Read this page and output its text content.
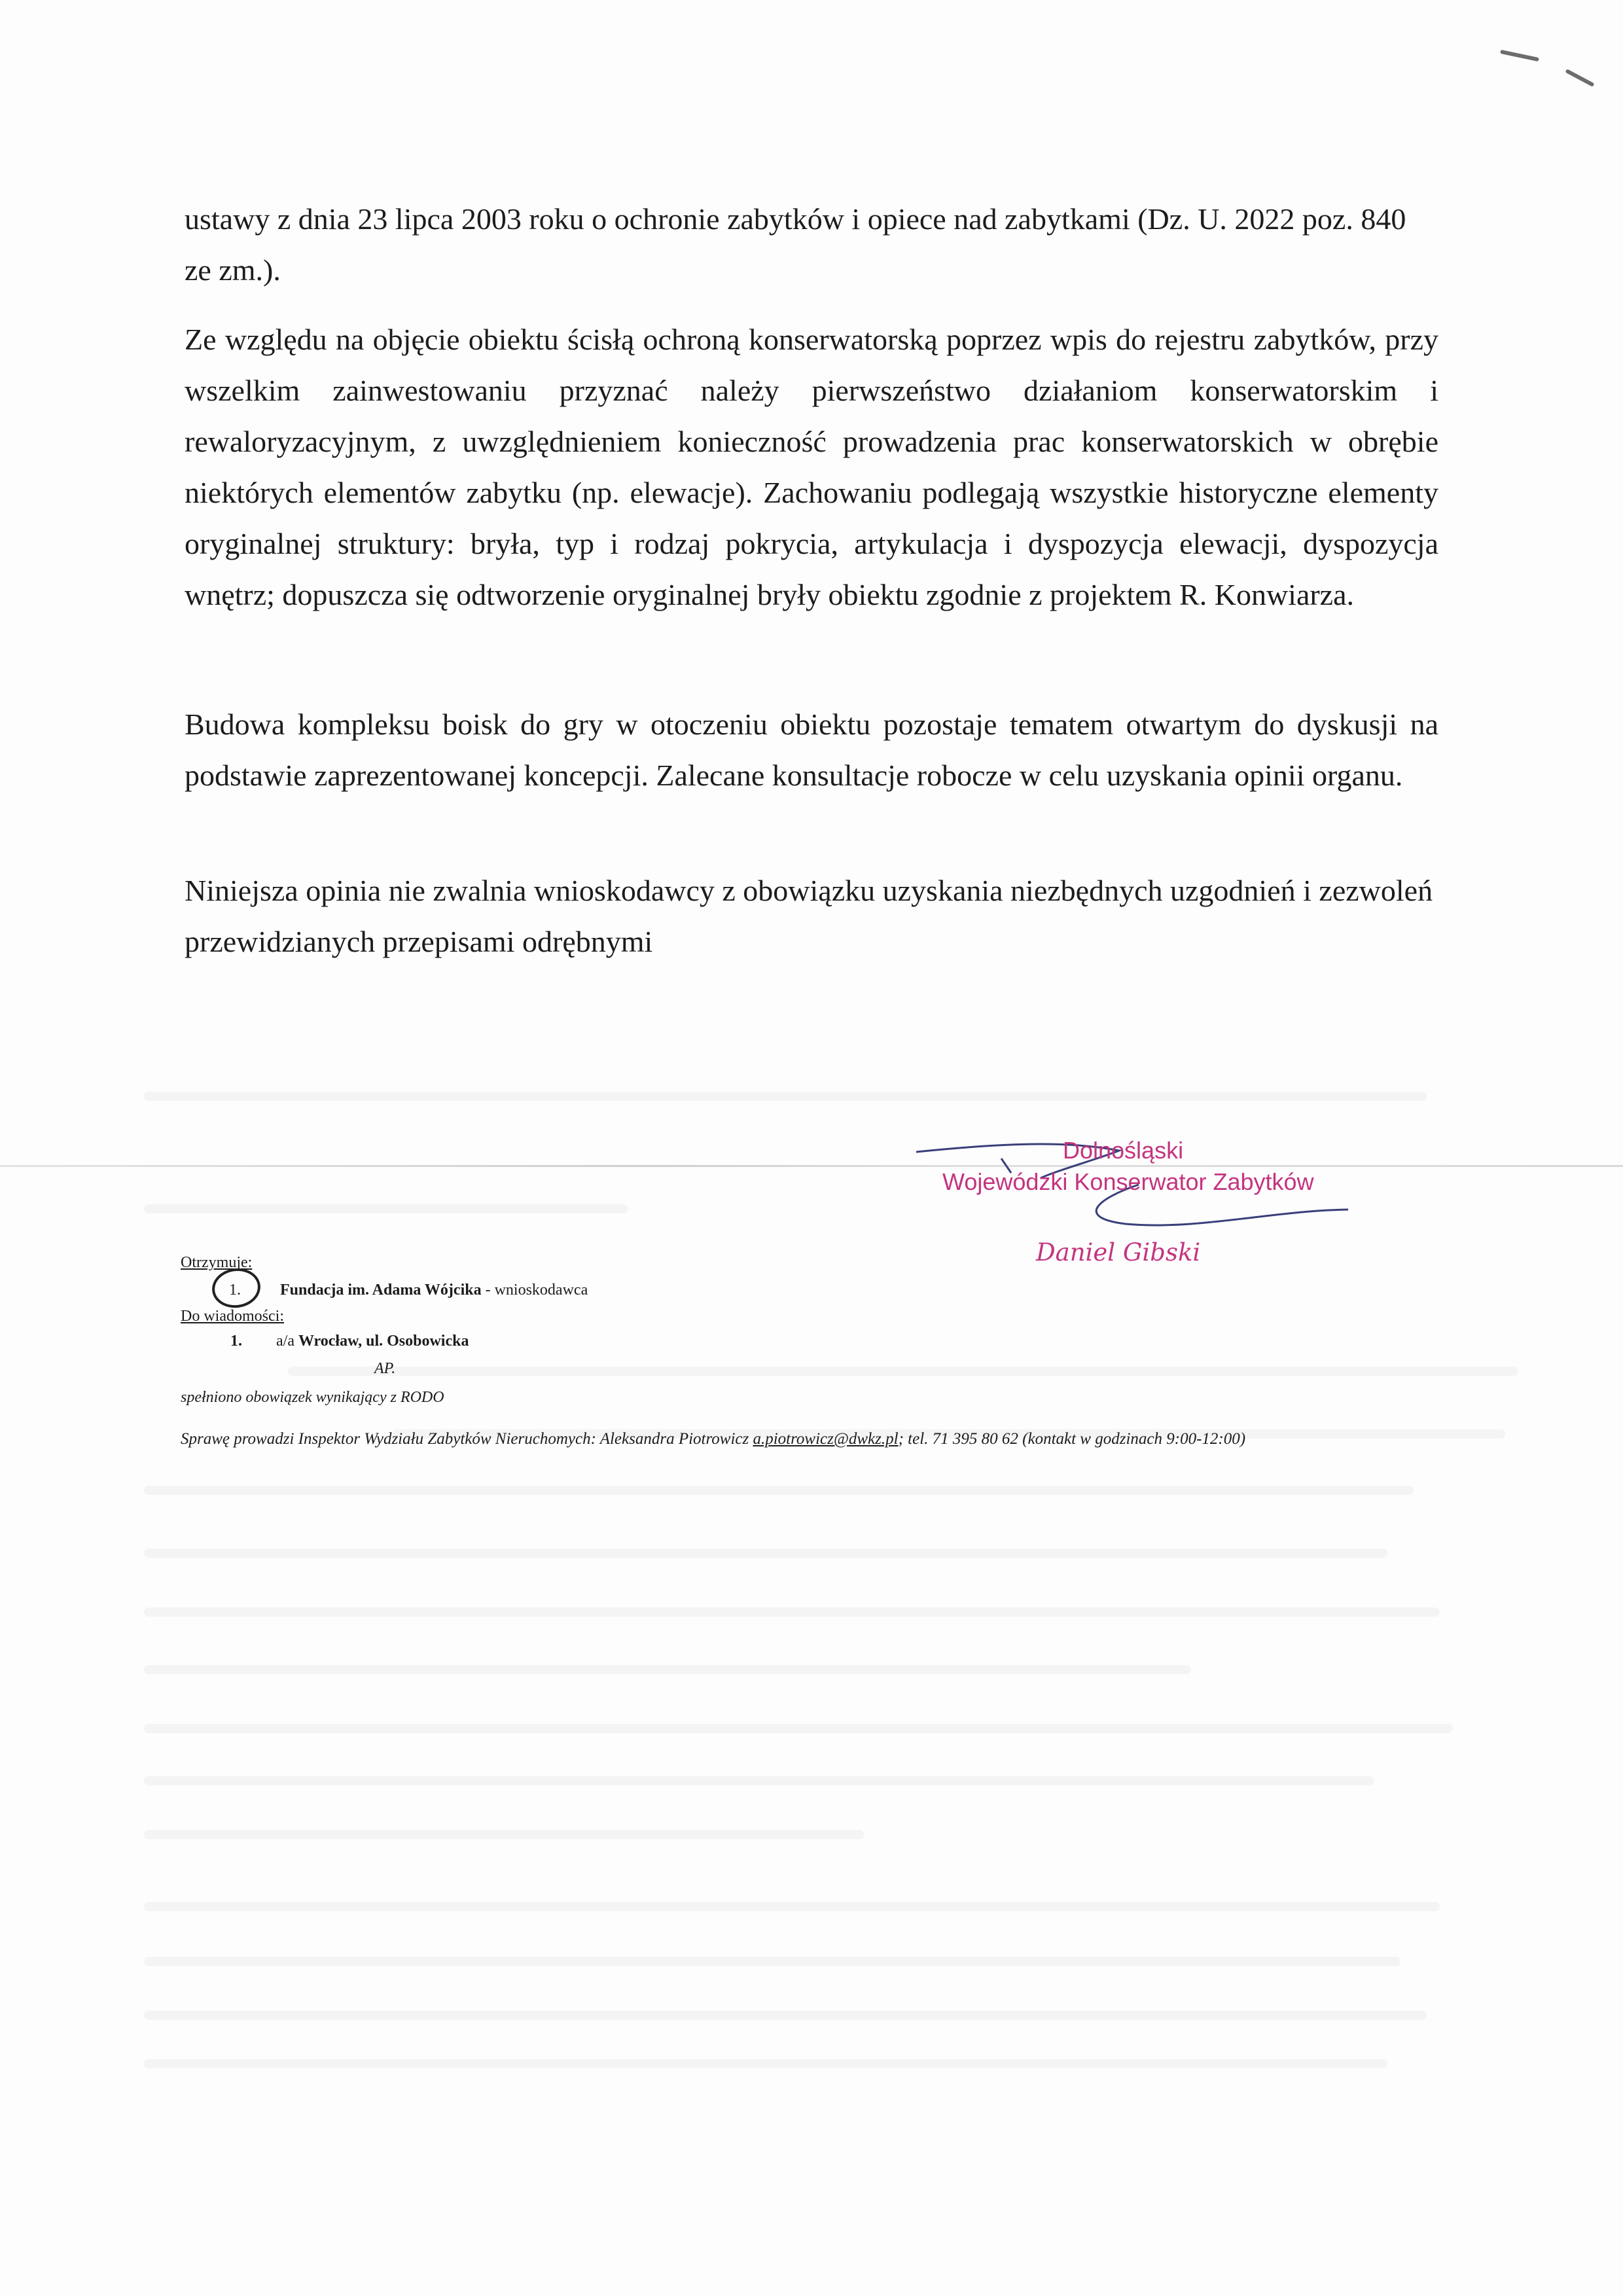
ustawy z dnia 23 lipca 2003 roku o ochronie zabytków i opiece nad zabytkami (Dz. U. 2022 poz. 840 ze zm.).

Ze względu na objęcie obiektu ścisłą ochroną konserwatorską poprzez wpis do rejestru zabytków, przy wszelkim zainwestowaniu przyznać należy pierwszeństwo działaniom konserwatorskim i rewaloryzacyjnym, z uwzględnieniem konieczność prowadzenia prac konserwatorskich w obrębie niektórych elementów zabytku (np. elewacje). Zachowaniu podlegają wszystkie historyczne elementy oryginalnej struktury: bryła, typ i rodzaj pokrycia, artykulacja i dyspozycja elewacji, dyspozycja wnętrz; dopuszcza się odtworzenie oryginalnej bryły obiektu zgodnie z projektem R. Konwiarza.

Budowa kompleksu boisk do gry w otoczeniu obiektu pozostaje tematem otwartym do dyskusji na podstawie zaprezentowanej koncepcji. Zalecane konsultacje robocze w celu uzyskania opinii organu.

Niniejsza opinia nie zwalnia wnioskodawcy z obowiązku uzyskania niezbędnych uzgodnień i zezwoleń przewidzianych przepisami odrębnymi

Dolnośląski
Wojewódzki Konserwator Zabytków
Daniel Gibski
Otrzymuje:
1.	Fundacja im. Adama Wójcika - wnioskodawca
Do wiadomości:
1. a/a Wrocław, ul. Osobowicka
AP.
spełniono obowiązek wynikający z RODO
Sprawę prowadzi Inspektor Wydziału Zabytków Nieruchomych: Aleksandra Piotrowicz a.piotrowicz@dwkz.pl; tel. 71 395 80 62 (kontakt w godzinach 9:00-12:00)
